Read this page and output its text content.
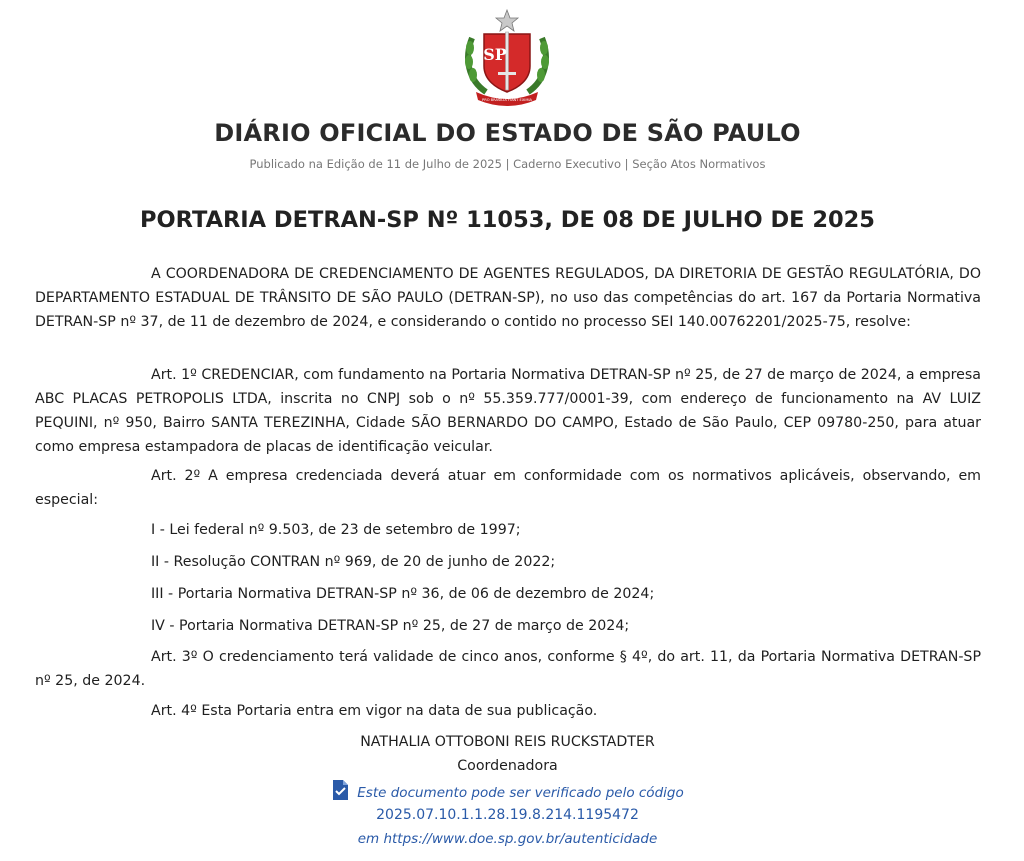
SP
PRO BRASILIA FIANT EXIMIA
DIÁRIO OFICIAL DO ESTADO DE SÃO PAULO
Publicado na Edição de 11 de Julho de 2025 | Caderno Executivo | Seção Atos Normativos
PORTARIA DETRAN-SP Nº 11053, DE 08 DE JULHO DE 2025

A COORDENADORA DE CREDENCIAMENTO DE AGENTES REGULADOS, DA DIRETORIA DE GESTÃO REGULATÓRIA, DO DEPARTAMENTO ESTADUAL DE TRÂNSITO DE SÃO PAULO (DETRAN-SP), no uso das competências do art. 167 da Portaria Normativa DETRAN-SP nº 37, de 11 de dezembro de 2024, e considerando o contido no processo SEI 140.00762201/2025-75, resolve:

Art. 1º CREDENCIAR, com fundamento na Portaria Normativa DETRAN-SP nº 25, de 27 de março de 2024, a empresa ABC PLACAS PETROPOLIS LTDA, inscrita no CNPJ sob o nº 55.359.777/0001-39, com endereço de funcionamento na AV LUIZ PEQUINI, nº 950, Bairro SANTA TEREZINHA, Cidade SÃO BERNARDO DO CAMPO, Estado de São Paulo, CEP 09780-250, para atuar como empresa estampadora de placas de identificação veicular.

Art. 2º A empresa credenciada deverá atuar em conformidade com os normativos aplicáveis, observando, em especial:

I - Lei federal nº 9.503, de 23 de setembro de 1997;

II - Resolução CONTRAN nº 969, de 20 de junho de 2022;

III - Portaria Normativa DETRAN-SP nº 36, de 06 de dezembro de 2024;

IV - Portaria Normativa DETRAN-SP nº 25, de 27 de março de 2024;

Art. 3º O credenciamento terá validade de cinco anos, conforme § 4º, do art. 11, da Portaria Normativa DETRAN-SP nº 25, de 2024.

Art. 4º Esta Portaria entra em vigor na data de sua publicação.

NATHALIA OTTOBONI REIS RUCKSTADTER

Coordenadora

Este documento pode ser verificado pelo código

2025.07.10.1.1.28.19.8.214.1195472

em https://www.doe.sp.gov.br/autenticidade
